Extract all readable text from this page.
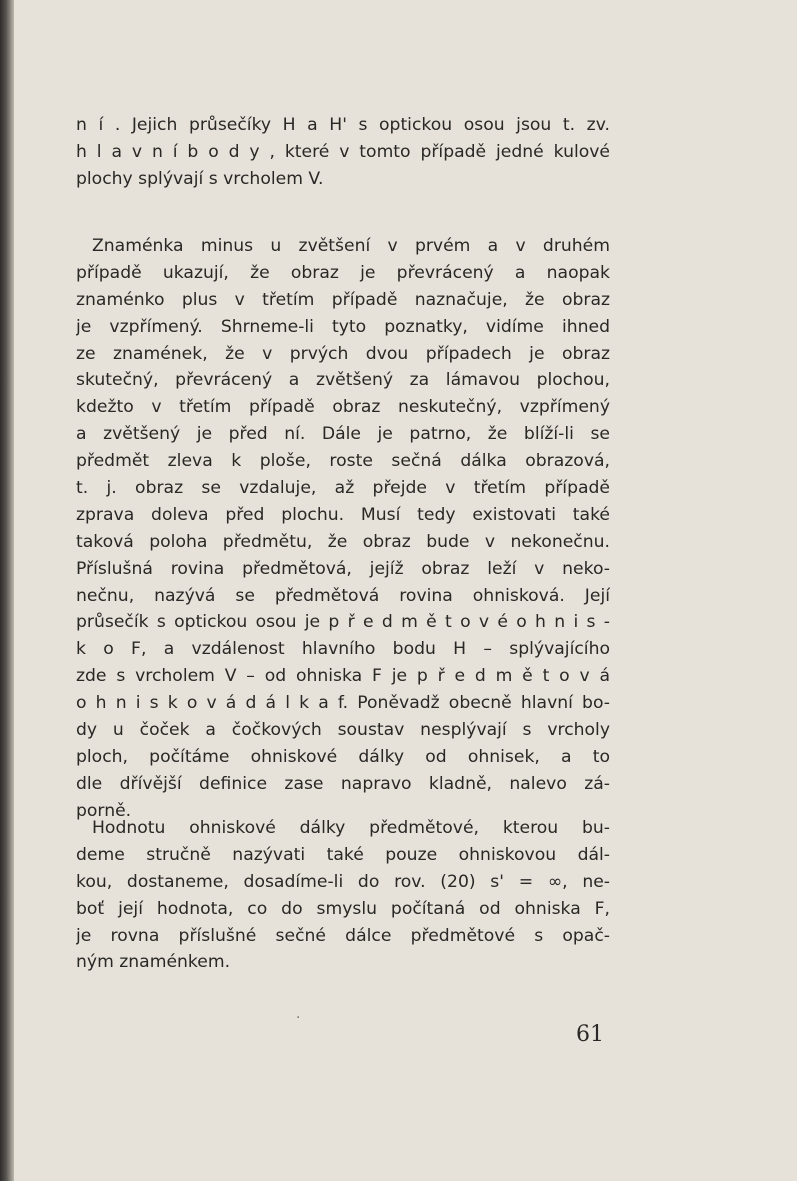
n í . Jejich průsečíky H a H' s optickou osou jsou t. zv.
h l a v n í b o d y , které v tomto případě jedné kulové
plochy splývají s vrcholem V.
Znaménka minus u zvětšení v prvém a v druhém
případě ukazují, že obraz je převrácený a naopak
znaménko plus v třetím případě naznačuje, že obraz
je vzpřímený. Shrneme-li tyto poznatky, vidíme ihned
ze znamének, že v prvých dvou případech je obraz
skutečný, převrácený a zvětšený za lámavou plochou,
kdežto v třetím případě obraz neskutečný, vzpřímený
a zvětšený je před ní. Dále je patrno, že blíží-li se
předmět zleva k ploše, roste sečná dálka obrazová,
t. j. obraz se vzdaluje, až přejde v třetím případě
zprava doleva před plochu. Musí tedy existovati také
taková poloha předmětu, že obraz bude v nekonečnu.
Příslušná rovina předmětová, jejíž obraz leží v neko-
nečnu, nazývá se předmětová rovina ohnisková. Její
průsečík s optickou osou je p ř e d m ě t o v é o h n i s -
k o F, a vzdálenost hlavního bodu H – splývajícího
zde s vrcholem V – od ohniska F je p ř e d m ě t o v á
o h n i s k o v á d á l k a f. Poněvadž obecně hlavní bo-
dy u čoček a čočkových soustav nesplývají s vrcholy
ploch, počítáme ohniskové dálky od ohnisek, a to
dle dřívější definice zase napravo kladně, nalevo zá-
porně.
Hodnotu ohniskové dálky předmětové, kterou bu-
deme stručně nazývati také pouze ohniskovou dál-
kou, dostaneme, dosadíme-li do rov. (20) s' = ∞, ne-
boť její hodnota, co do smyslu počítaná od ohniska F,
je rovna příslušné sečné dálce předmětové s opač-
ným znaménkem.
.
61
